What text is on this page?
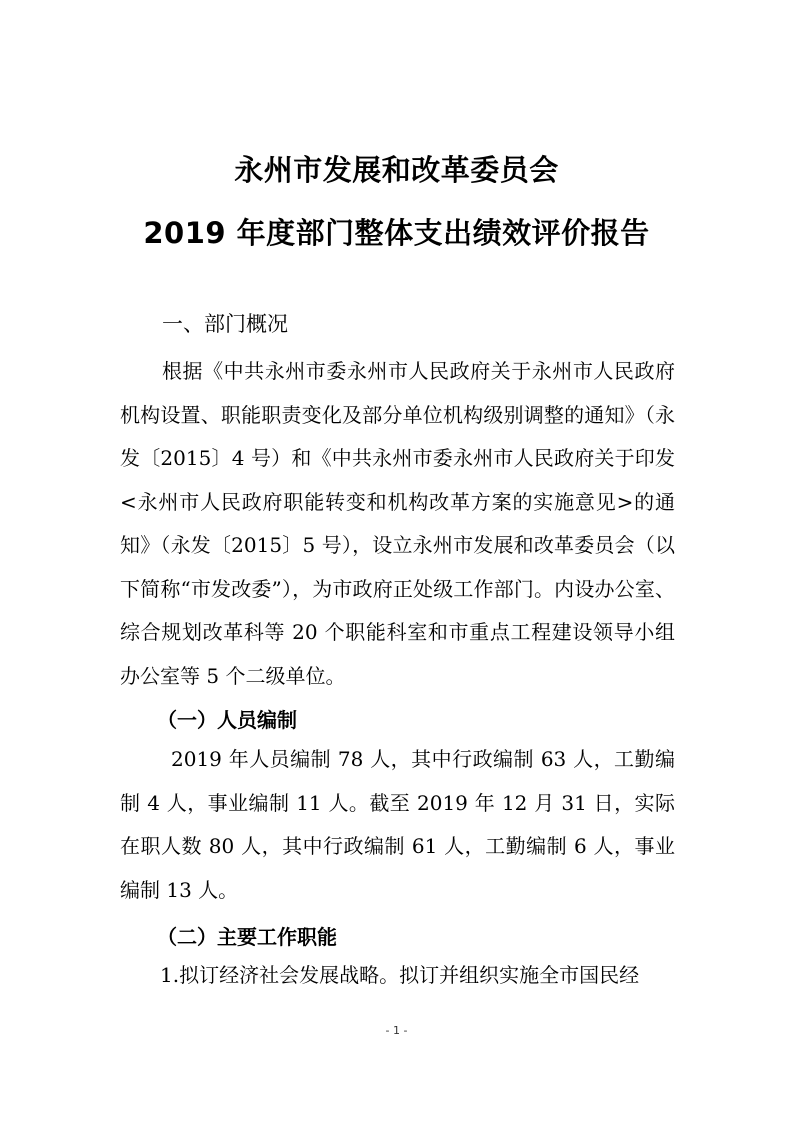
永州市发展和改革委员会
2019 年度部门整体支出绩效评价报告
一、部门概况
根据《中共永州市委永州市人民政府关于永州市人民政府机构设置、职能职责变化及部分单位机构级别调整的通知》（永发〔2015〕4 号）和《中共永州市委永州市人民政府关于印发<永州市人民政府职能转变和机构改革方案的实施意见>的通知》（永发〔2015〕5 号），设立永州市发展和改革委员会（以下简称“市发改委”），为市政府正处级工作部门。内设办公室、综合规划改革科等 20 个职能科室和市重点工程建设领导小组办公室等 5 个二级单位。
（一）人员编制
2019 年人员编制 78 人，其中行政编制 63 人，工勤编制 4 人，事业编制 11 人。截至 2019 年 12 月 31 日，实际在职人数 80 人，其中行政编制 61 人，工勤编制 6 人，事业编制 13 人。
（二）主要工作职能
1.拟订经济社会发展战略。拟订并组织实施全市国民经
- 1 -
